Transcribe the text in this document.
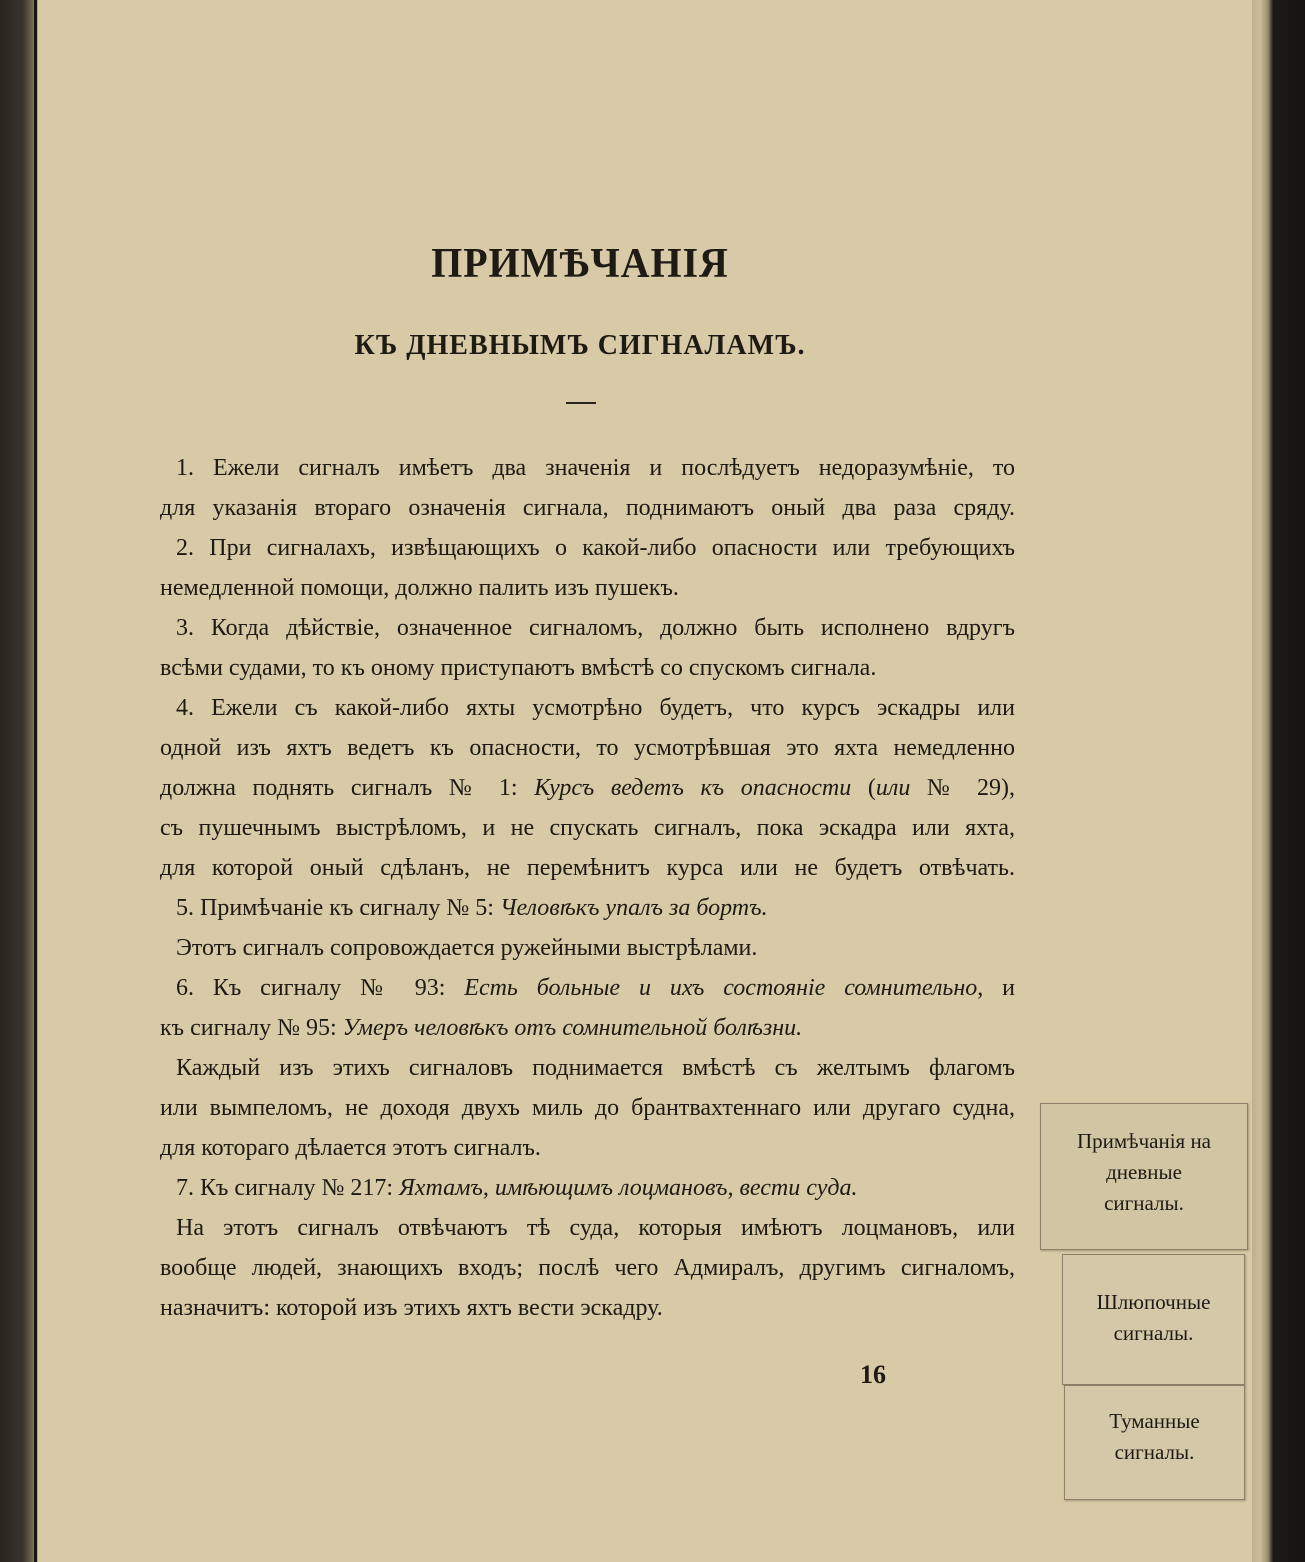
ПРИМѢЧАНІЯ
КЪ ДНЕВНЫМЪ СИГНАЛАМЪ.
1. Ежели сигналъ имѣетъ два значенія и послѣдуетъ недоразумѣніе, то
для указанія втораго означенія сигнала, поднимаютъ оный два раза сряду.
2. При сигналахъ, извѣщающихъ о какой-либо опасности или требующихъ
немедленной помощи, должно палить изъ пушекъ.
3. Когда дѣйствіе, означенное сигналомъ, должно быть исполнено вдругъ
всѣми судами, то къ оному приступаютъ вмѣстѣ со спускомъ сигнала.
4. Ежели съ какой-либо яхты усмотрѣно будетъ, что курсъ эскадры или
одной изъ яхтъ ведетъ къ опасности, то усмотрѣвшая это яхта немедленно
должна поднять сигналъ № 1: Курсъ ведетъ къ опасности (или № 29),
съ пушечнымъ выстрѣломъ, и не спускать сигналъ, пока эскадра или яхта,
для которой оный сдѣланъ, не перемѣнитъ курса или не будетъ отвѣчать.
5. Примѣчаніе къ сигналу № 5: Человѣкъ упалъ за бортъ.
Этотъ сигналъ сопровождается ружейными выстрѣлами.
6. Къ сигналу № 93: Есть больные и ихъ состояніе сомнительно, и
къ сигналу № 95: Умеръ человѣкъ отъ сомнительной болѣзни.
Каждый изъ этихъ сигналовъ поднимается вмѣстѣ съ желтымъ флагомъ
или вымпеломъ, не доходя двухъ миль до брантвахтеннаго или другаго судна,
для котораго дѣлается этотъ сигналъ.
7. Къ сигналу № 217: Яхтамъ, имѣющимъ лоцмановъ, вести суда.
На этотъ сигналъ отвѣчаютъ тѣ суда, которыя имѣютъ лоцмановъ, или
вообще людей, знающихъ входъ; послѣ чего Адмиралъ, другимъ сигналомъ,
назначитъ: которой изъ этихъ яхтъ вести эскадру.
16
Примѣчанія на
дневные
сигналы.
Шлюпочные
сигналы.
Туманные
сигналы.
